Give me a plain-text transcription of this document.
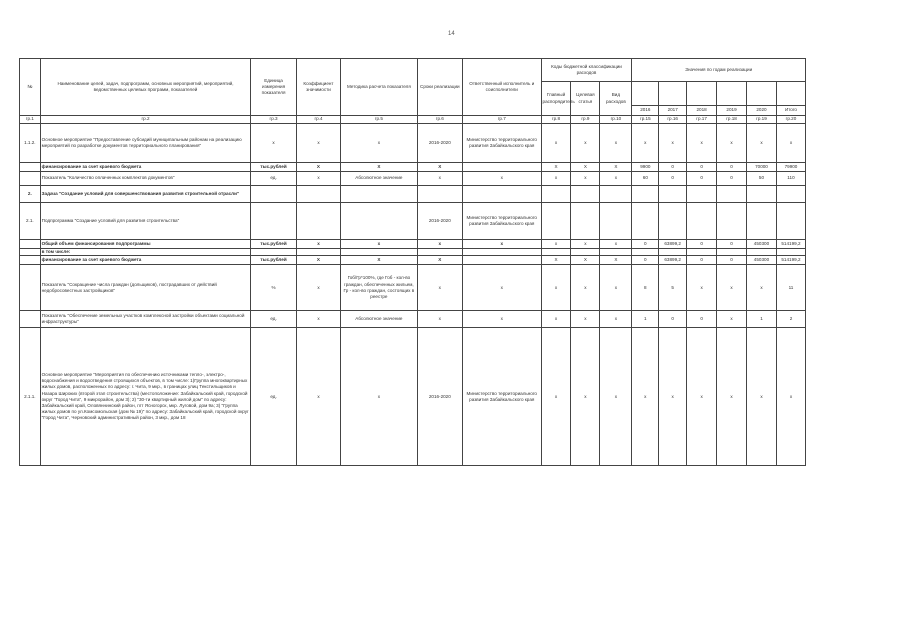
14
№	Наименование целей, задач, подпрограмм, основных мероприятий, мероприятий, ведомственных целевых программ, показателей	Единица измерения показателя	Коэффициент значимости	Методика расчета показателя	Сроки реализации	Ответственный исполнитель и соисполнители	Коды бюджетной классификации расходов			Значения по годам реализации					
							Главный распорядитель	Целевая статья	Вид расходов						
										2016	2017	2018	2019	2020	Итого
гр.1	гр.2	гр.3	гр.4	гр.5	гр.6	гр.7	гр.8	гр.9	гр.10	гр.15	гр.16	гр.17	гр.18	гр.19	гр.20
1.1.2.	Основное мероприятие "Предоставление субсидий муниципальным районам на реализацию мероприятий по разработке документов территориального планирования"	х	х	х	2016-2020	Министерство территориального развития Забайкальского края	х	х	х	х	х	х	х	х	х
	финансирование за счет краевого бюджета	тыс.рублей	Х	Х	Х		Х	Х	Х	9900	0	0	0	70000	79900
	Показатель "Количество оплаченных комплектов документов"	ед.	х	Абсолютное значение	х	х	х	х	х	60	0	0	0	50	110
2.	Задача "Создание условий для совершенствования развития строительной отрасли"														
2.1.	Подпрограмма "Создание условий для развития строительства"				2016-2020	Министерство территориального развития Забайкальского края									
	Общий объем финансирования подпрограммы	тыс.рублей	х	х	х	х	х	х	х	0	63899,2	0	0	450300	514199,2
	в том числе:														
	финансирование за счет краевого бюджета	тыс.рублей	Х	Х	Х		Х	Х	Х	0	63899,2	0	0	450300	514199,2
	Показатель "Сокращение числа граждан (дольщиков), пострадавших от действий недобросовестных застройщиков"	%	х	Гоб/Гр*100%, где Гоб - кол-во граждан, обеспеченных жильем, Гр - кол-во граждан, состоящих в реестре	х	х	х	х	х	8	5	х	х	х	11
	Показатель "Обеспечение земельных участков комплексной застройки объектами социальной инфраструктуры"	ед.	х	Абсолютное значение	х	х	х	х	х	1	0	0	х	1	2
2.1.1.	Основное мероприятие "Мероприятия по обеспечению источниками тепло-, электро-, водоснабжения и водоотведения строящихся объектов, в том числе: 1)Группа многоквартирных жилых домов, расположенных по адресу: г. Чита, 9 мкр., в границах улиц Текстильщиков и Назара Широких (второй этап строительства) (местоположение: Забайкальский край, городской округ "Город Чита", 9 микрорайон, дом 3); 2) "30-ти квартирный жилой дом" по адресу: Забайкальский край, Оловяннинский район, пгт Ясногорск, мкр. Луговой, дом 9а; 3) "Группа жилых домов по ул.Комсомольская (дом № 19)" по адресу: Забайкальский край, городской округ "Город Чита", Черновский административный район, 3 мкр., дом 18	ед.	х	х	2016-2020	Министерство территориального развития Забайкальского края	х	х	х	х	х	х	х	х	х
